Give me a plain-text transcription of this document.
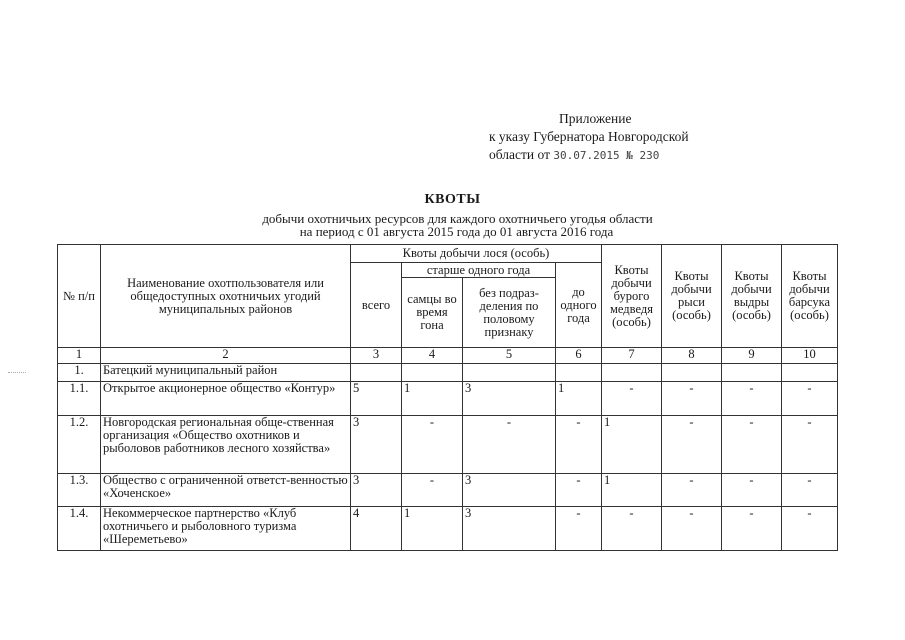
Приложение
к указу Губернатора Новгородской
области от 30.07.2015 № 230
КВОТЫ
добычи охотничьих ресурсов для каждого охотничьего угодья области
на период с 01 августа 2015 года до 01 августа 2016 года
№ п/п	Наименование охотпользователя или общедоступных охотничьих угодий муниципальных районов	Квоты добычи лося (особь)				Квоты добычи бурого медведя (особь)	Квоты добычи рыси (особь)	Квоты добычи выдры (особь)	Квоты добычи барсука (особь)
		всего	старше одного года		до одного года				
			самцы во время гона	без подраз-деления по половому признаку					
1	2	3	4	5	6	7	8	9	10
1.	Батецкий муниципальный район								
1.1.	Открытое акционерное общество «Контур»	5	1	3	1	-	-	-	-
1.2.	Новгородская региональная обще-ственная организация «Общество охотников и рыболовов работников лесного хозяйства»	3	-	-	-	1	-	-	-
1.3.	Общество с ограниченной ответст-венностью «Хоченское»	3	-	3	-	1	-	-	-
1.4.	Некоммерческое партнерство «Клуб охотничьего и рыболовного туризма «Шереметьево»	4	1	3	-	-	-	-	-
